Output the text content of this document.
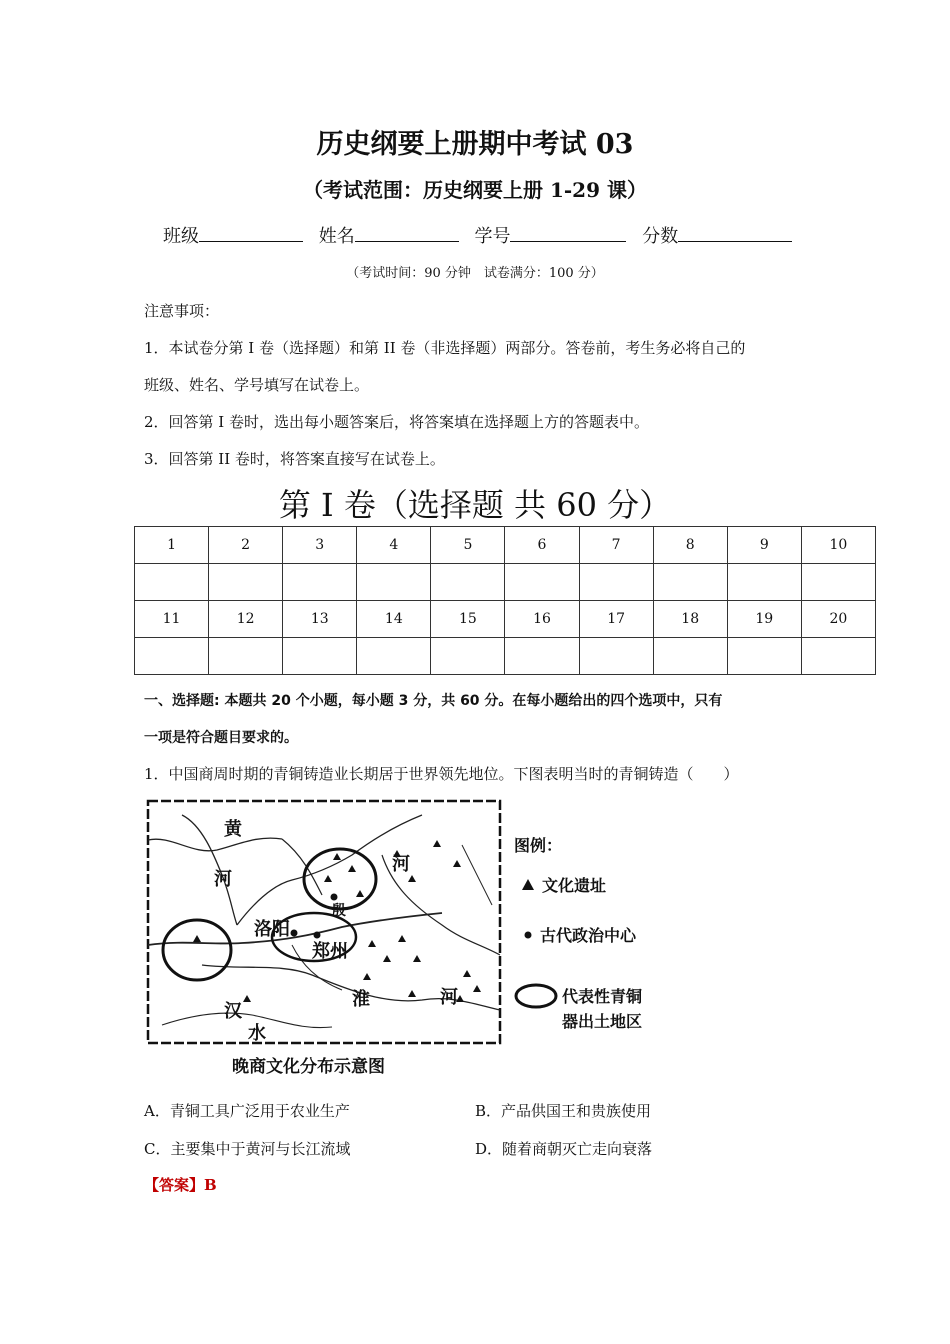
历史纲要上册期中考试 03
（考试范围：历史纲要上册 1-29 课）
班级	姓名	学号	分数
（考试时间：90 分钟　试卷满分：100 分）
注意事项：
1．本试卷分第 I 卷（选择题）和第 II 卷（非选择题）两部分。答卷前，考生务必将自己的
班级、姓名、学号填写在试卷上。
2．回答第 I 卷时，选出每小题答案后，将答案填在选择题上方的答题表中。
3．回答第 II 卷时，将答案直接写在试卷上。
第 I 卷（选择题 共 60 分）
1	2	3	4	5	6	7	8	9	10

11	12	13	14	15	16	17	18	19	20

一、选择题: 本题共 20 个小题，每小题 3 分，共 60 分。在每小题给出的四个选项中，只有
一项是符合题目要求的。
1．中国商周时期的青铜铸造业长期居于世界领先地位。下图表明当时的青铜铸造（　　）
黄
河
河
河
洛阳
郑州
汉
水
淮
殷
图例：
文化遗址
古代政治中心
代表性青铜
器出土地区
晚商文化分布示意图
A．青铜工具广泛用于农业生产	B．产品供国王和贵族使用
C．主要集中于黄河与长江流域	D．随着商朝灭亡走向衰落
【答案】B
